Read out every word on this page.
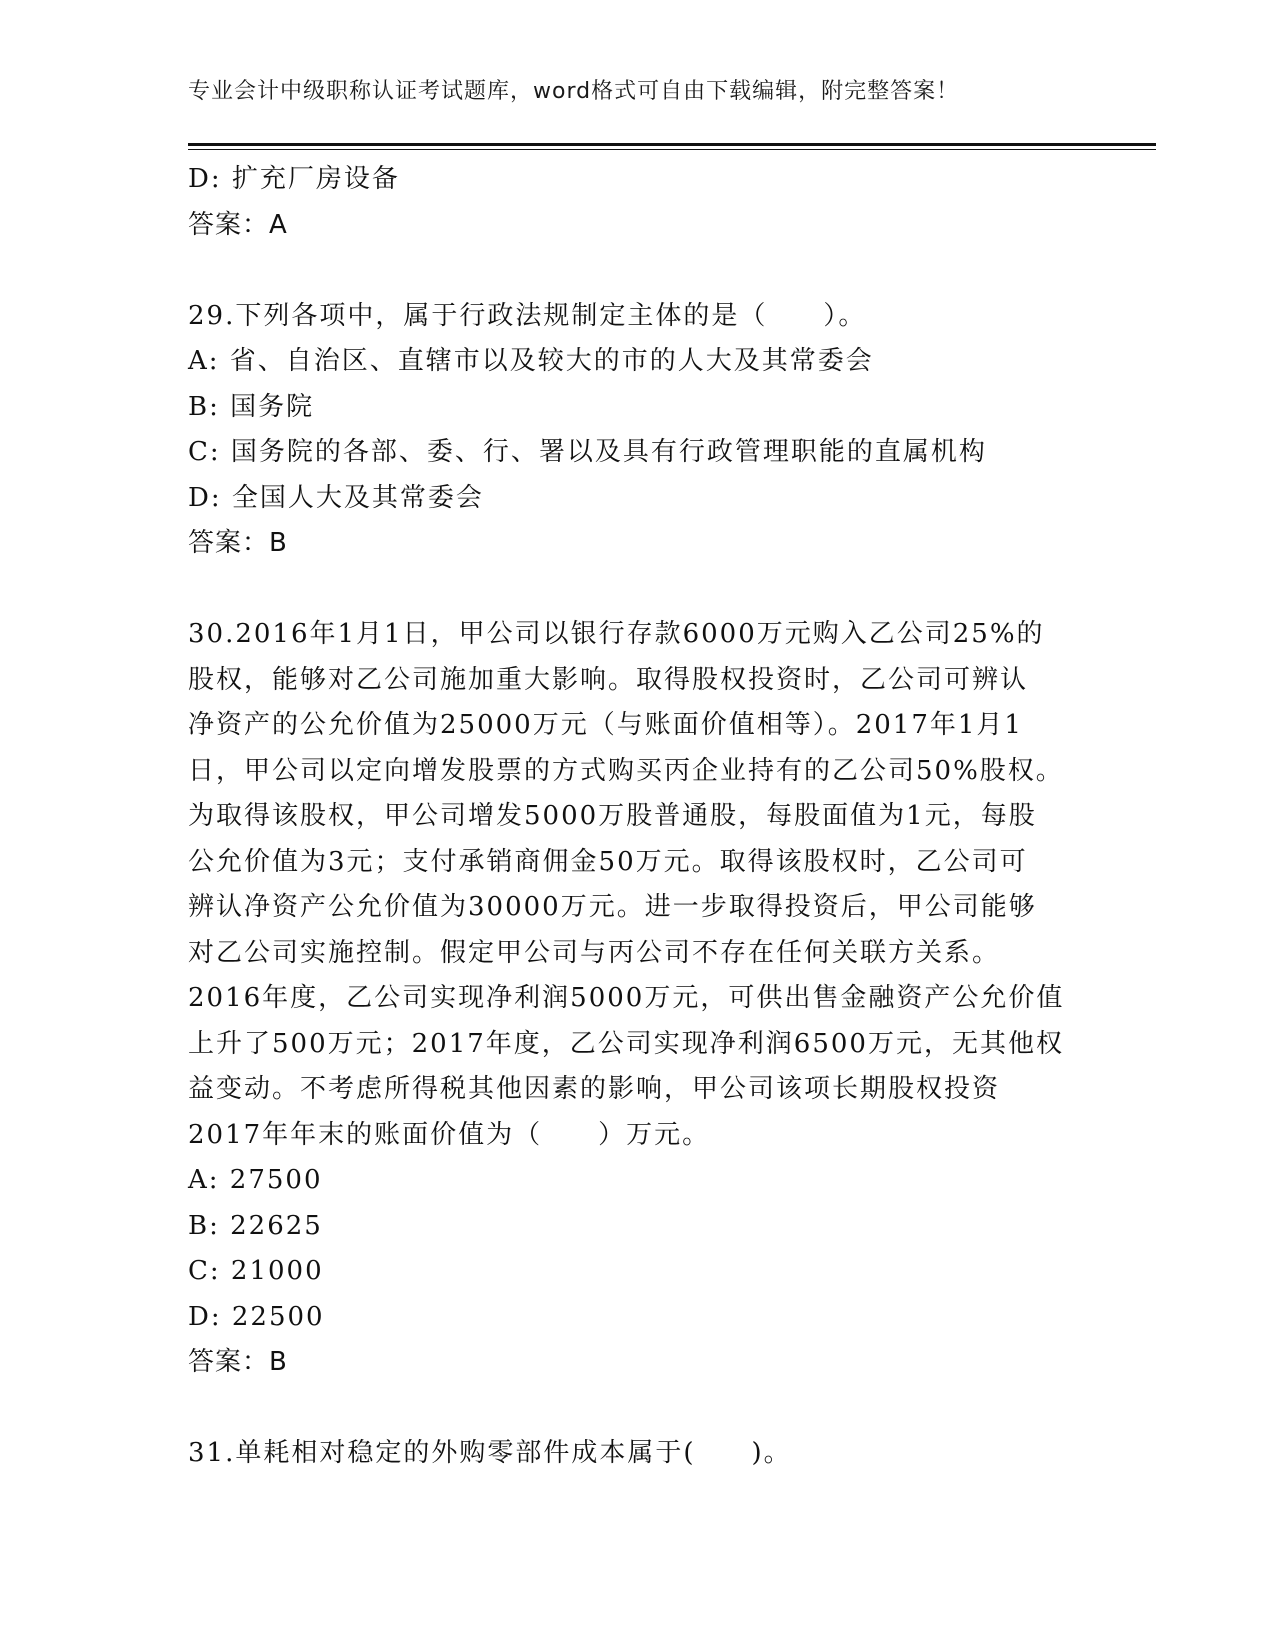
专业会计中级职称认证考试题库，word格式可自由下载编辑，附完整答案！
D: 扩充厂房设备
答案：A
29.下列各项中，属于行政法规制定主体的是（　　）。
A: 省、自治区、直辖市以及较大的市的人大及其常委会
B: 国务院
C: 国务院的各部、委、行、署以及具有行政管理职能的直属机构
D: 全国人大及其常委会
答案：B
30.2016年1月1日，甲公司以银行存款6000万元购入乙公司25%的
股权，能够对乙公司施加重大影响。取得股权投资时，乙公司可辨认
净资产的公允价值为25000万元（与账面价值相等）。2017年1月1
日，甲公司以定向增发股票的方式购买丙企业持有的乙公司50%股权。
为取得该股权，甲公司增发5000万股普通股，每股面值为1元，每股
公允价值为3元；支付承销商佣金50万元。取得该股权时，乙公司可
辨认净资产公允价值为30000万元。进一步取得投资后，甲公司能够
对乙公司实施控制。假定甲公司与丙公司不存在任何关联方关系。
2016年度，乙公司实现净利润5000万元，可供出售金融资产公允价值
上升了500万元；2017年度，乙公司实现净利润6500万元，无其他权
益变动。不考虑所得税其他因素的影响，甲公司该项长期股权投资
2017年年末的账面价值为（　　）万元。
A: 27500
B: 22625
C: 21000
D: 22500
答案：B
31.单耗相对稳定的外购零部件成本属于(　　)。
